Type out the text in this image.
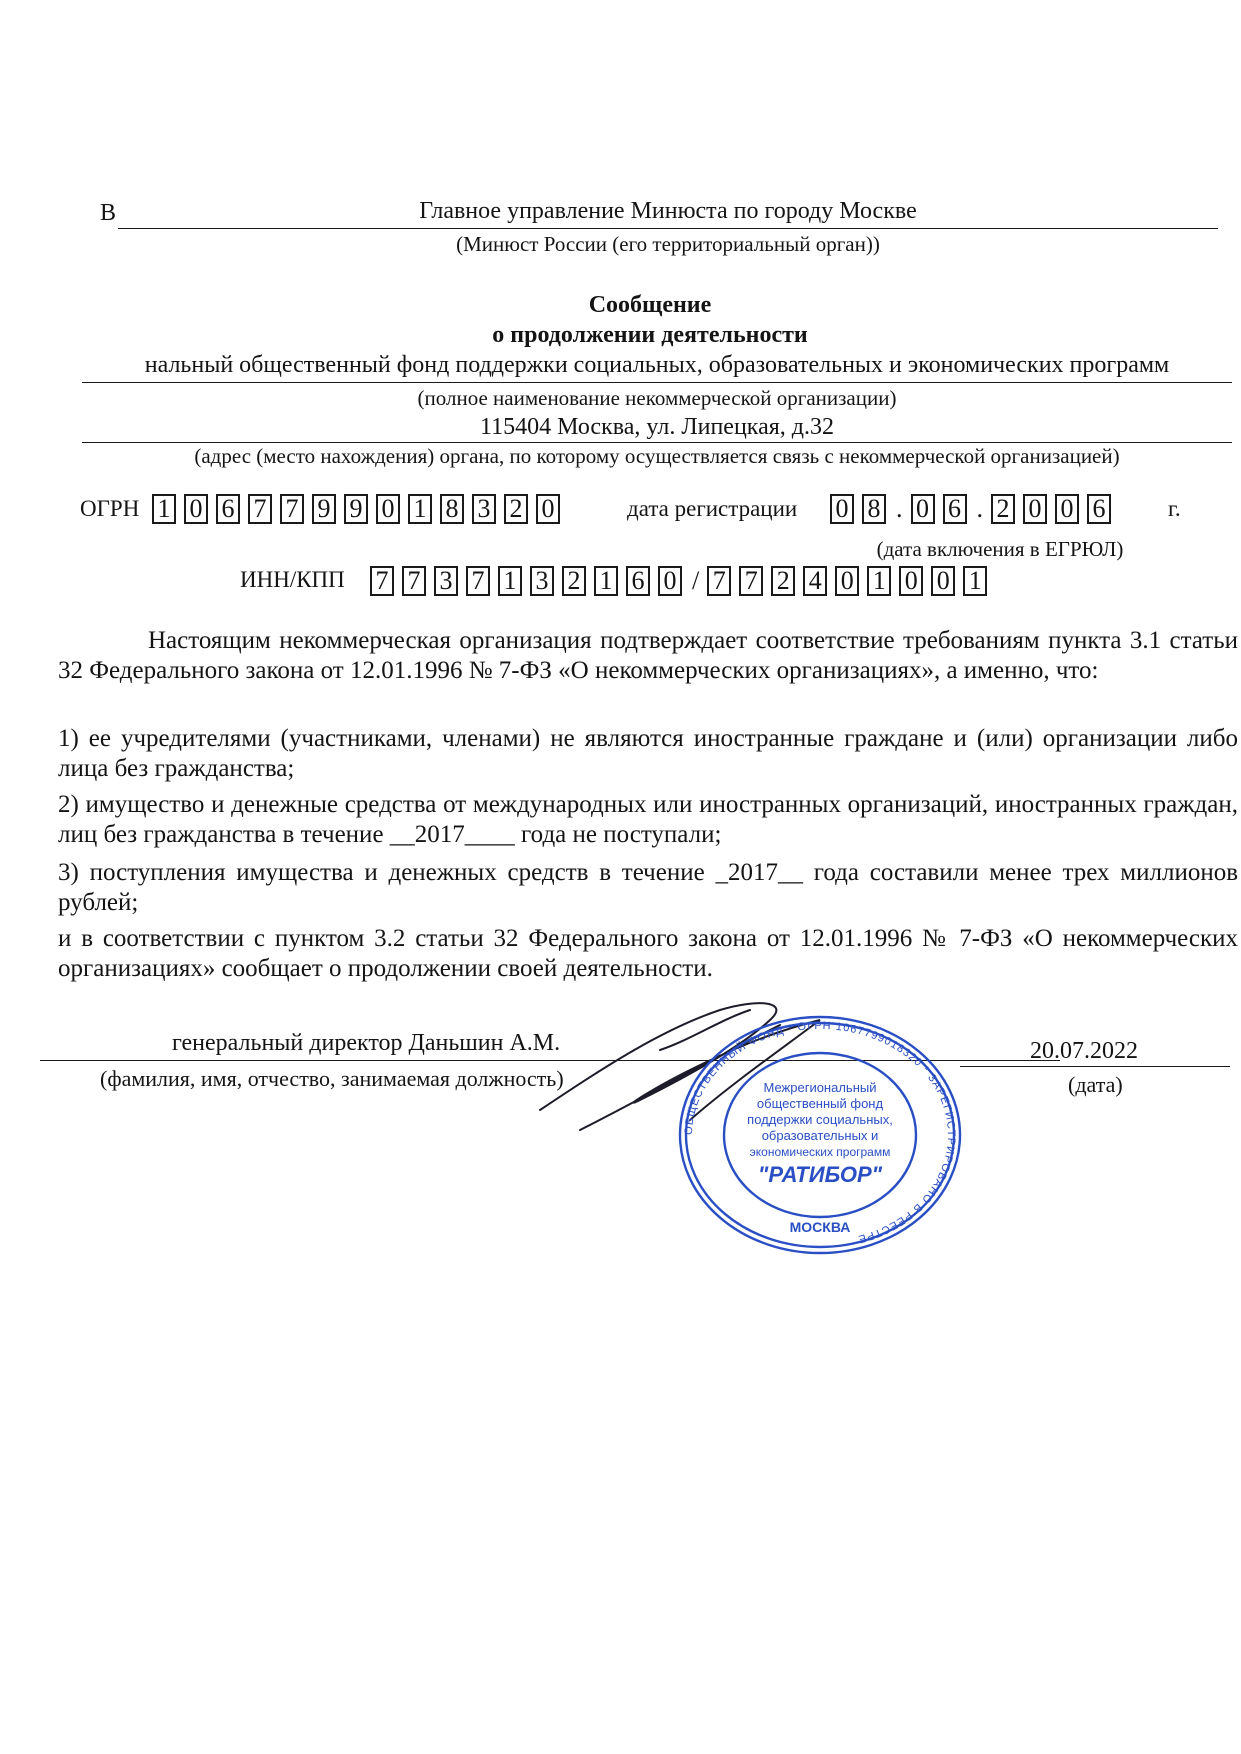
В	Главное управление Минюста по городу Москве
(Минюст России (его территориальный орган))
Сообщение
о продолжении деятельности
нальный общественный фонд поддержки социальных, образовательных и экономических программ
(полное наименование некоммерческой организации)
115404 Москва, ул. Липецкая, д.32
(адрес (место нахождения) органа, по которому осуществляется связь с некоммерческой организацией)
ОГРН 1 0 6 7 7 9 9 0 1 8 3 2 0	дата регистрации 0 8 . 0 6 . 2 0 0 6	г.
(дата включения в ЕГРЮЛ)
ИНН/КПП 7 7 3 7 1 3 2 1 6 0 / 7 7 2 4 0 1 0 0 1
Настоящим некоммерческая организация подтверждает соответствие требованиям пункта 3.1 статьи 32 Федерального закона от 12.01.1996 № 7-ФЗ «О некоммерческих организациях», а именно, что:
1) ее учредителями (участниками, членами) не являются иностранные граждане и (или) организации либо лица без гражданства;
2) имущество и денежные средства от международных или иностранных организаций, иностранных граждан, лиц без гражданства в течение __2017____ года не поступали;
3) поступления имущества и денежных средств в течение _2017__ года составили менее трех миллионов рублей;
и в соответствии с пунктом 3.2 статьи 32 Федерального закона от 12.01.1996 № 7-ФЗ «О некоммерческих организациях» сообщает о продолжении своей деятельности.
генеральный директор Даньшин А.М.
(фамилия, имя, отчество, занимаемая должность)
20.07.2022
(дата)
ОБЩЕСТВЕННЫЙ ФОНД * ОГРН 1067799018320 * ЗАРЕГИСТРИРОВАНО В РЕЕСТРЕ
Межрегиональный
общественный фонд
поддержки социальных,
образовательных и
экономических программ
"РАТИБОР"
МОСКВА
